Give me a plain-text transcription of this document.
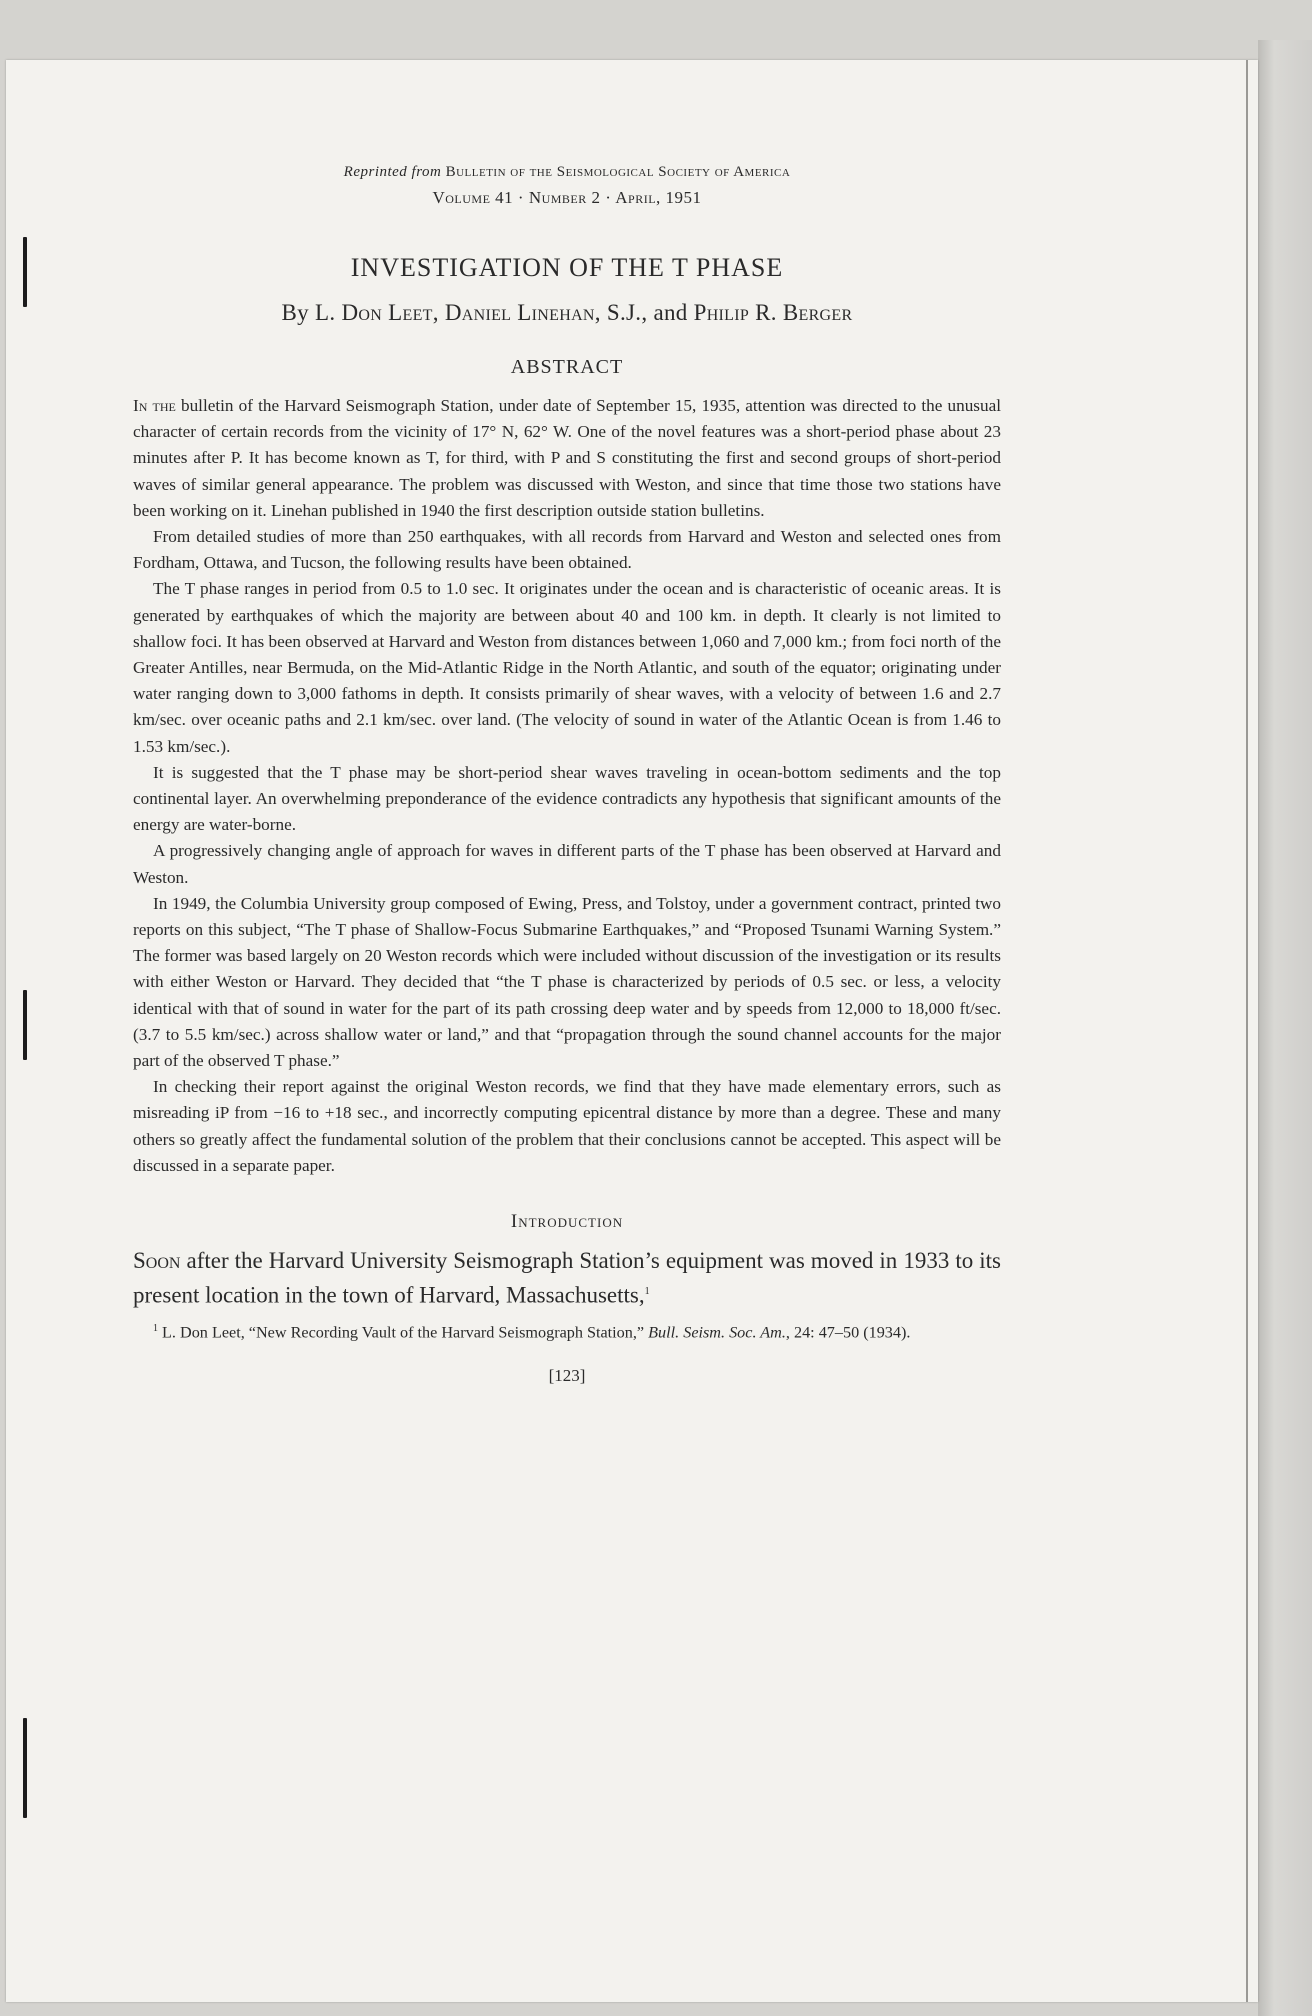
Reprinted from Bulletin of the Seismological Society of America
Volume 41 · Number 2 · April, 1951
INVESTIGATION OF THE T PHASE
By L. Don Leet, Daniel Linehan, S.J., and Philip R. Berger
ABSTRACT

In the bulletin of the Harvard Seismograph Station, under date of September 15, 1935, attention was directed to the unusual character of certain records from the vicinity of 17° N, 62° W. One of the novel features was a short-period phase about 23 minutes after P. It has become known as T, for third, with P and S constituting the first and second groups of short-period waves of similar general appearance. The problem was discussed with Weston, and since that time those two stations have been working on it. Linehan published in 1940 the first description outside station bulletins.

From detailed studies of more than 250 earthquakes, with all records from Harvard and Weston and selected ones from Fordham, Ottawa, and Tucson, the following results have been obtained.

The T phase ranges in period from 0.5 to 1.0 sec. It originates under the ocean and is characteristic of oceanic areas. It is generated by earthquakes of which the majority are between about 40 and 100 km. in depth. It clearly is not limited to shallow foci. It has been observed at Harvard and Weston from distances between 1,060 and 7,000 km.; from foci north of the Greater Antilles, near Bermuda, on the Mid-Atlantic Ridge in the North Atlantic, and south of the equator; originating under water ranging down to 3,000 fathoms in depth. It consists primarily of shear waves, with a velocity of between 1.6 and 2.7 km/sec. over oceanic paths and 2.1 km/sec. over land. (The velocity of sound in water of the Atlantic Ocean is from 1.46 to 1.53 km/sec.).

It is suggested that the T phase may be short-period shear waves traveling in ocean-bottom sediments and the top continental layer. An overwhelming preponderance of the evidence contradicts any hypothesis that significant amounts of the energy are water-borne.

A progressively changing angle of approach for waves in different parts of the T phase has been observed at Harvard and Weston.

In 1949, the Columbia University group composed of Ewing, Press, and Tolstoy, under a government contract, printed two reports on this subject, “The T phase of Shallow-Focus Submarine Earthquakes,” and “Proposed Tsunami Warning System.” The former was based largely on 20 Weston records which were included without discussion of the investigation or its results with either Weston or Harvard. They decided that “the T phase is characterized by periods of 0.5 sec. or less, a velocity identical with that of sound in water for the part of its path crossing deep water and by speeds from 12,000 to 18,000 ft/sec. (3.7 to 5.5 km/sec.) across shallow water or land,” and that “propagation through the sound channel accounts for the major part of the observed T phase.”

In checking their report against the original Weston records, we find that they have made elementary errors, such as misreading iP from −16 to +18 sec., and incorrectly computing epicentral distance by more than a degree. These and many others so greatly affect the fundamental solution of the problem that their conclusions cannot be accepted. This aspect will be discussed in a separate paper.

Introduction

Soon after the Harvard University Seismograph Station’s equipment was moved in 1933 to its present location in the town of Harvard, Massachusetts,$^1$

$^1$ L. Don Leet, “New Recording Vault of the Harvard Seismograph Station,” Bull. Seism. Soc. Am., 24: 47–50 (1934).

[123]
